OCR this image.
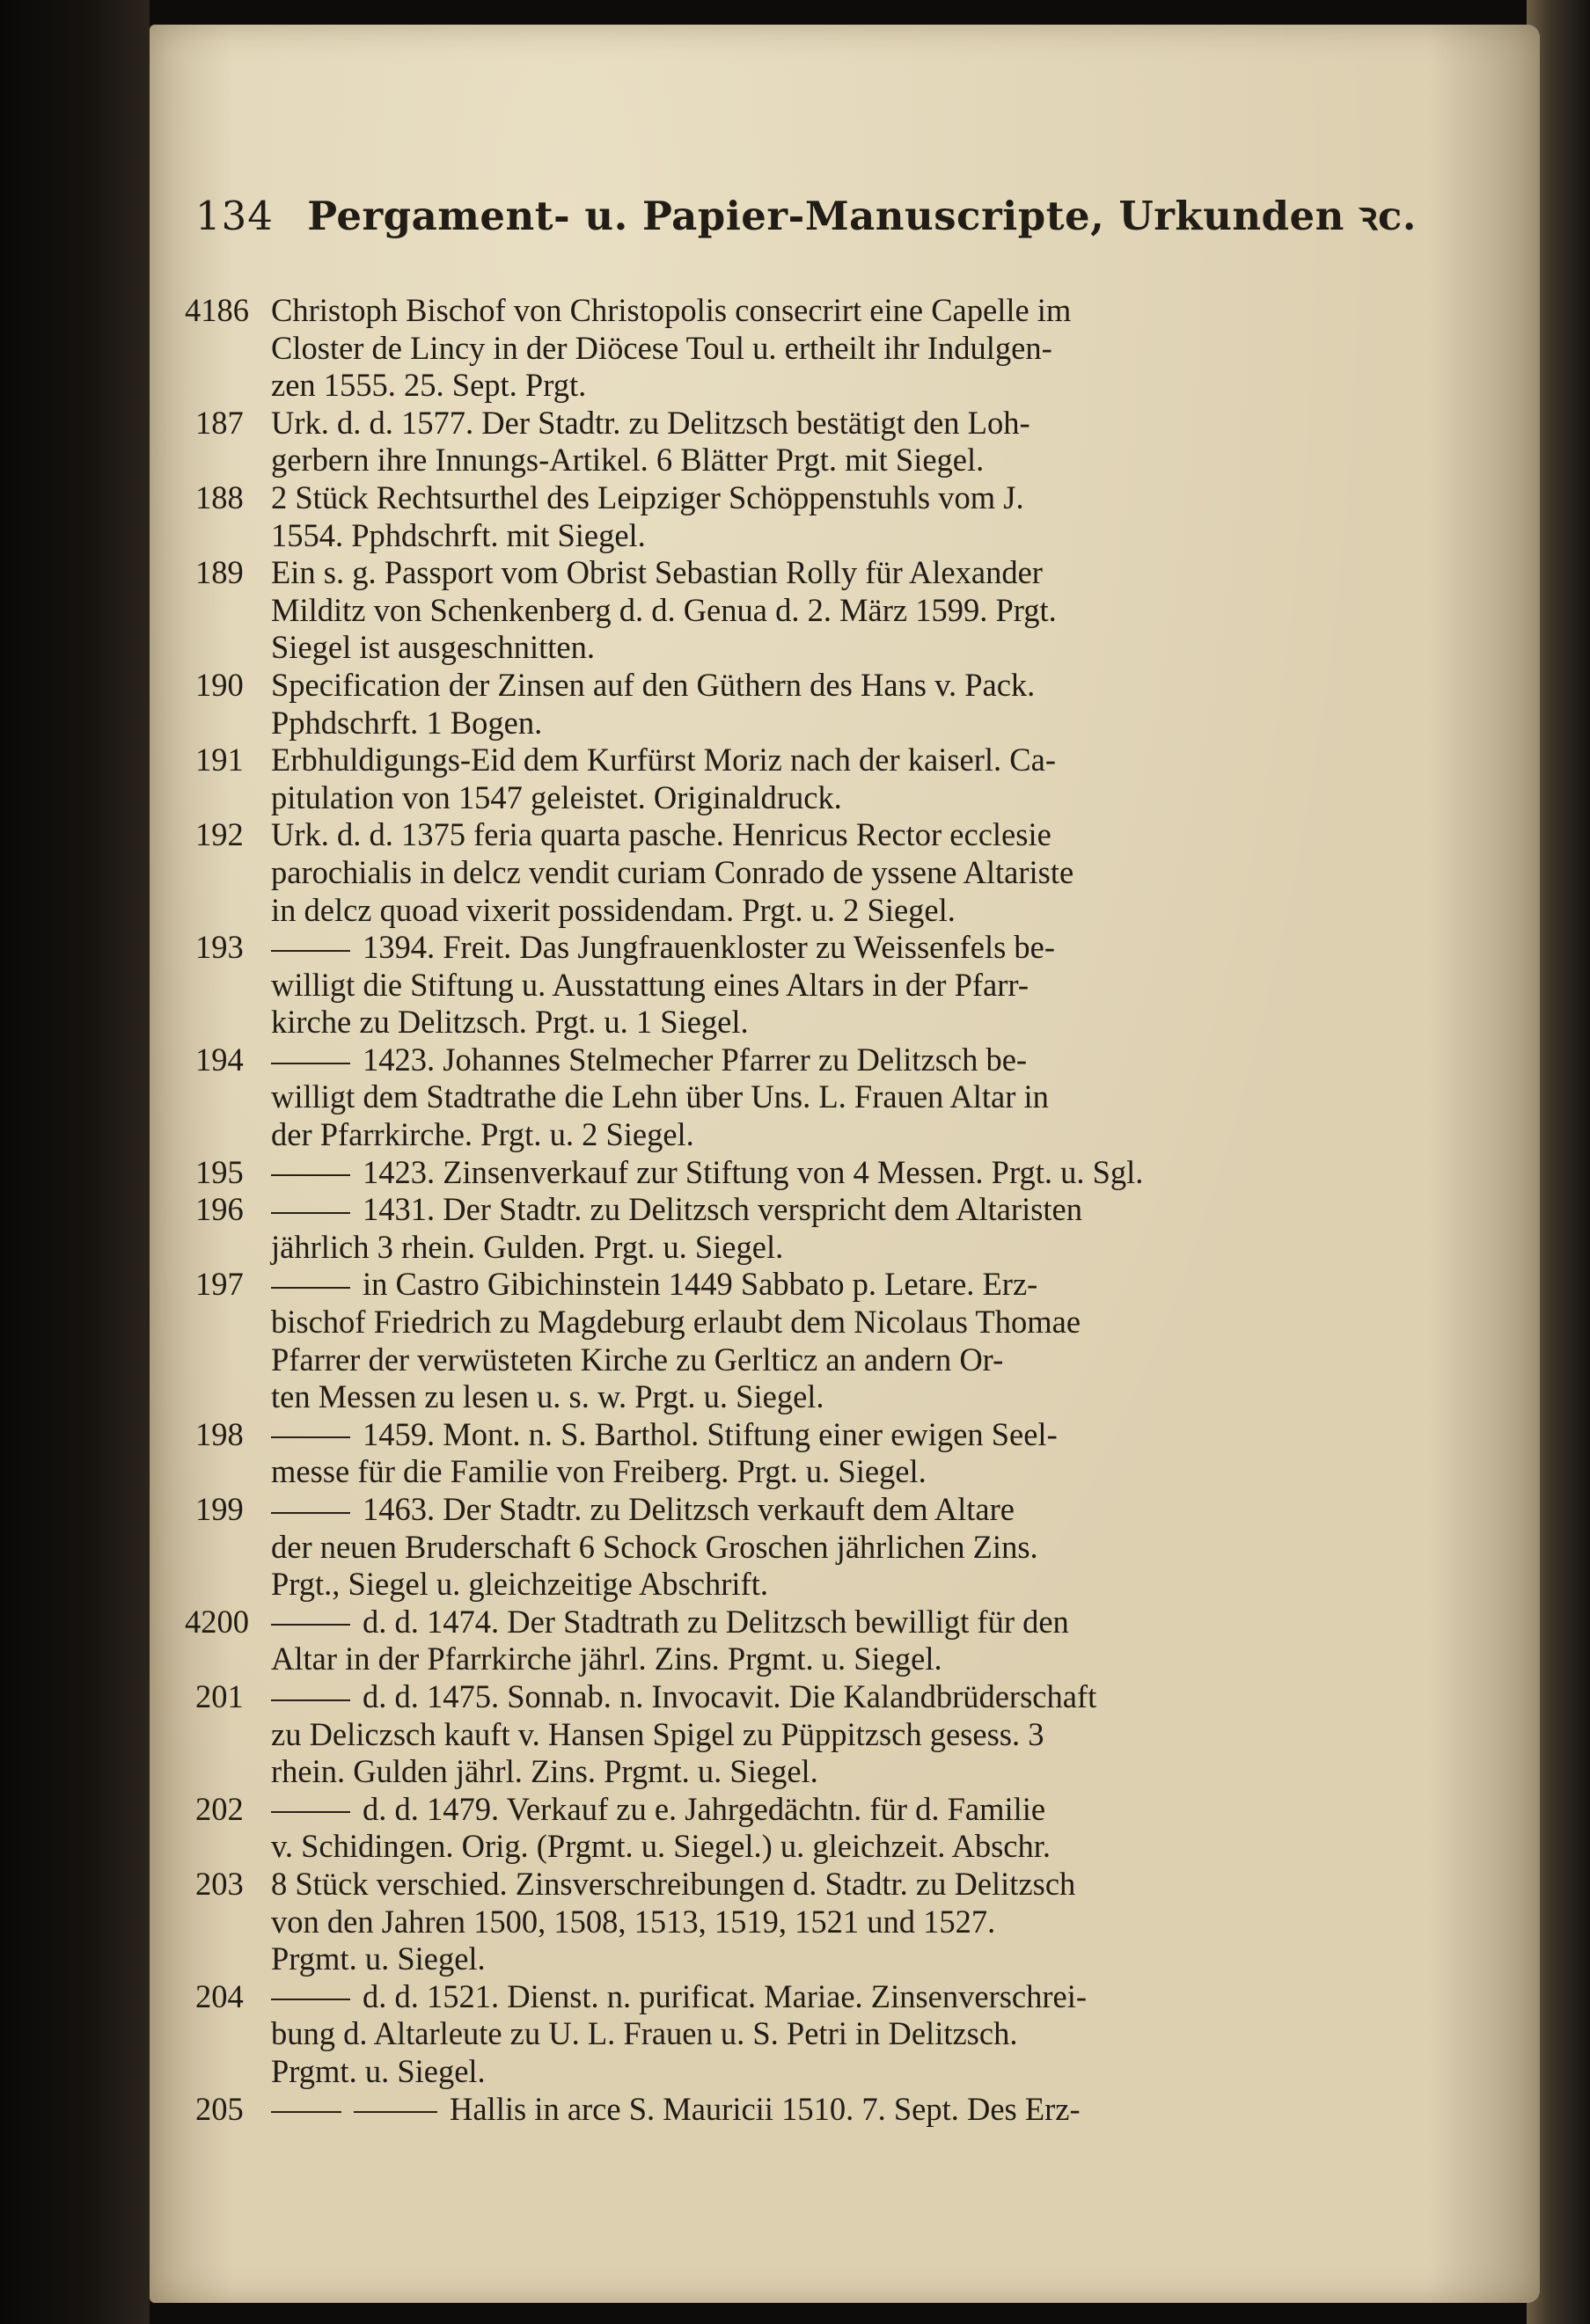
134 Pergament- u. Papier-Manuscripte, Urkunden ꝛc.
4186 Christoph Bischof von Christopolis consecrirt eine Capelle im
Closter de Lincy in der Diöcese Toul u. ertheilt ihr Indulgen-
zen 1555. 25. Sept. Prgt.
187 Urk. d. d. 1577. Der Stadtr. zu Delitzsch bestätigt den Loh-
gerbern ihre Innungs-Artikel. 6 Blätter Prgt. mit Siegel.
188 2 Stück Rechtsurthel des Leipziger Schöppenstuhls vom J.
1554. Pphdschrft. mit Siegel.
189 Ein s. g. Passport vom Obrist Sebastian Rolly für Alexander
Milditz von Schenkenberg d. d. Genua d. 2. März 1599. Prgt.
Siegel ist ausgeschnitten.
190 Specification der Zinsen auf den Güthern des Hans v. Pack.
Pphdschrft. 1 Bogen.
191 Erbhuldigungs-Eid dem Kurfürst Moriz nach der kaiserl. Ca-
pitulation von 1547 geleistet. Originaldruck.
192 Urk. d. d. 1375 feria quarta pasche. Henricus Rector ecclesie
parochialis in delcz vendit curiam Conrado de yssene Altariste
in delcz quoad vixerit possidendam. Prgt. u. 2 Siegel.
193	1394. Freit. Das Jungfrauenkloster zu Weissenfels be-
willigt die Stiftung u. Ausstattung eines Altars in der Pfarr-
kirche zu Delitzsch. Prgt. u. 1 Siegel.
194	1423. Johannes Stelmecher Pfarrer zu Delitzsch be-
willigt dem Stadtrathe die Lehn über Uns. L. Frauen Altar in
der Pfarrkirche. Prgt. u. 2 Siegel.
195	1423. Zinsenverkauf zur Stiftung von 4 Messen. Prgt. u. Sgl.
196	1431. Der Stadtr. zu Delitzsch verspricht dem Altaristen
jährlich 3 rhein. Gulden. Prgt. u. Siegel.
197	in Castro Gibichinstein 1449 Sabbato p. Letare. Erz-
bischof Friedrich zu Magdeburg erlaubt dem Nicolaus Thomae
Pfarrer der verwüsteten Kirche zu Gerlticz an andern Or-
ten Messen zu lesen u. s. w. Prgt. u. Siegel.
198	1459. Mont. n. S. Barthol. Stiftung einer ewigen Seel-
messe für die Familie von Freiberg. Prgt. u. Siegel.
199	1463. Der Stadtr. zu Delitzsch verkauft dem Altare
der neuen Bruderschaft 6 Schock Groschen jährlichen Zins.
Prgt., Siegel u. gleichzeitige Abschrift.
4200	d. d. 1474. Der Stadtrath zu Delitzsch bewilligt für den
Altar in der Pfarrkirche jährl. Zins. Prgmt. u. Siegel.
201	d. d. 1475. Sonnab. n. Invocavit. Die Kalandbrüderschaft
zu Deliczsch kauft v. Hansen Spigel zu Püppitzsch gesess. 3
rhein. Gulden jährl. Zins. Prgmt. u. Siegel.
202	d. d. 1479. Verkauf zu e. Jahrgedächtn. für d. Familie
v. Schidingen. Orig. (Prgmt. u. Siegel.) u. gleichzeit. Abschr.
203 8 Stück verschied. Zinsverschreibungen d. Stadtr. zu Delitzsch
von den Jahren 1500, 1508, 1513, 1519, 1521 und 1527.
Prgmt. u. Siegel.
204	d. d. 1521. Dienst. n. purificat. Mariae. Zinsenverschrei-
bung d. Altarleute zu U. L. Frauen u. S. Petri in Delitzsch.
Prgmt. u. Siegel.
205	Hallis in arce S. Mauricii 1510. 7. Sept. Des Erz-
